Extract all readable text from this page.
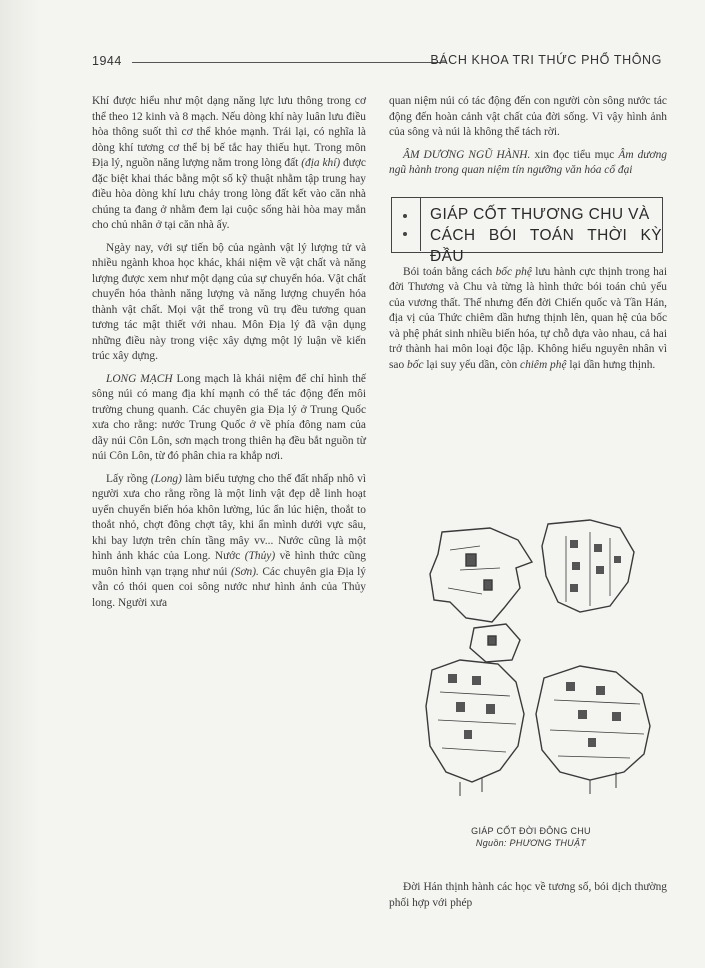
1944	BÁCH KHOA TRI THỨC PHỔ THÔNG

Khí được hiểu như một dạng năng lực lưu thông trong cơ thể theo 12 kinh và 8 mạch. Nếu dòng khí này luân lưu điều hòa thông suốt thì cơ thể khỏe mạnh. Trái lại, có nghĩa là dòng khí tương cơ thể bị bế tắc hay thiếu hụt. Trong môn Địa lý, nguồn năng lượng nằm trong lòng đất (địa khí) được đặc biệt khai thác bằng một số kỹ thuật nhằm tập trung hay điều hòa dòng khí lưu chảy trong lòng đất kết vào căn nhà chúng ta đang ở nhằm đem lại cuộc sống hài hòa may mắn cho chủ nhân ở tại căn nhà ấy.

Ngày nay, với sự tiến bộ của ngành vật lý lượng tử và nhiều ngành khoa học khác, khái niệm về vật chất và năng lượng được xem như một dạng của sự chuyển hóa. Vật chất chuyển hóa thành năng lượng và năng lượng chuyển hóa thành vật chất. Mọi vật thể trong vũ trụ đều tương quan tương tác mật thiết với nhau. Môn Địa lý đã vận dụng những điều này trong việc xây dựng một lý luận về kiến trúc xây dựng.

LONG MẠCH Long mạch là khái niệm để chỉ hình thế sông núi có mang địa khí mạnh có thể tác động đến môi trường chung quanh. Các chuyên gia Địa lý ở Trung Quốc xưa cho rằng: nước Trung Quốc ở về phía đông nam của dãy núi Côn Lôn, sơn mạch trong thiên hạ đều bắt nguồn từ núi Côn Lôn, từ đó phân chia ra khắp nơi.

Lấy rồng (Long) làm biểu tượng cho thế đất nhấp nhô vì người xưa cho rằng rồng là một linh vật đẹp dễ linh hoạt uyển chuyển biến hóa khôn lường, lúc ẩn lúc hiện, thoắt to thoắt nhỏ, chợt đông chợt tây, khi ẩn mình dưới vực sâu, khi bay lượn trên chín tầng mây vv... Nước cũng là một hình ảnh khác của Long. Nước (Thủy) về hình thức cũng muôn hình vạn trạng như núi (Sơn). Các chuyên gia Địa lý vẫn có thói quen coi sông nước như hình ảnh của Thủy long. Người xưa

quan niệm núi có tác động đến con người còn sông nước tác động đến hoàn cảnh vật chất của đời sống. Vì vậy hình ảnh của sông và núi là không thể tách rời.

ÂM DƯƠNG NGŨ HÀNH. xin đọc tiểu mục Âm dương ngũ hành trong quan niệm tín ngưỡng văn hóa cổ đại

GIÁP CỐT THƯƠNG CHU VÀ
CÁCH BÓI TOÁN THỜI KỲ ĐẦU

Bói toán bằng cách bốc phệ lưu hành cực thịnh trong hai đời Thương và Chu và từng là hình thức bói toán chủ yếu của vương thất. Thế nhưng đến đời Chiến quốc và Tần Hán, địa vị của Thức chiêm dần hưng thịnh lên, quan hệ của bốc và phệ phát sinh nhiều biến hóa, tự chỗ dựa vào nhau, cả hai trở thành hai môn loại độc lập. Không hiểu nguyên nhân vì sao bốc lại suy yếu dần, còn chiêm phệ lại dần hưng thịnh.

GIÁP CỐT ĐỜI ĐÔNG CHU
Nguồn: PHƯƠNG THUẬT

Đời Hán thịnh hành các học về tương số, bói dịch thường phối hợp với phép
